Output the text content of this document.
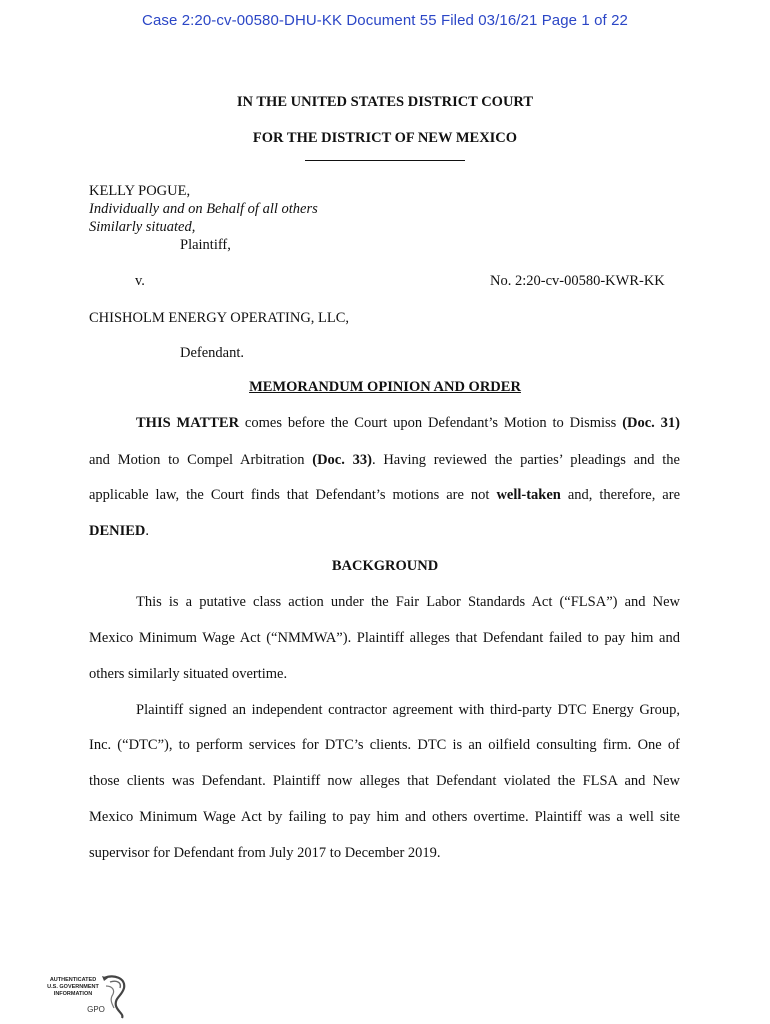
Case 2:20-cv-00580-DHU-KK Document 55 Filed 03/16/21 Page 1 of 22
IN THE UNITED STATES DISTRICT COURT
FOR THE DISTRICT OF NEW MEXICO
KELLY POGUE,
Individually and on Behalf of all others
Similarly situated,
Plaintiff,
v.	No. 2:20-cv-00580-KWR-KK
CHISHOLM ENERGY OPERATING, LLC,
Defendant.
MEMORANDUM OPINION AND ORDER
THIS MATTER comes before the Court upon Defendant’s Motion to Dismiss (Doc. 31)
and Motion to Compel Arbitration (Doc. 33). Having reviewed the parties’ pleadings and the
applicable law, the Court finds that Defendant’s motions are not well-taken and, therefore, are
DENIED.
BACKGROUND
This is a putative class action under the Fair Labor Standards Act (“FLSA”) and New
Mexico Minimum Wage Act (“NMMWA”). Plaintiff alleges that Defendant failed to pay him and
others similarly situated overtime.
Plaintiff signed an independent contractor agreement with third-party DTC Energy Group,
Inc. (“DTC”), to perform services for DTC’s clients. DTC is an oilfield consulting firm. One of
those clients was Defendant. Plaintiff now alleges that Defendant violated the FLSA and New
Mexico Minimum Wage Act by failing to pay him and others overtime. Plaintiff was a well site
supervisor for Defendant from July 2017 to December 2019.
AUTHENTICATED
U.S. GOVERNMENT
INFORMATION
GPO
